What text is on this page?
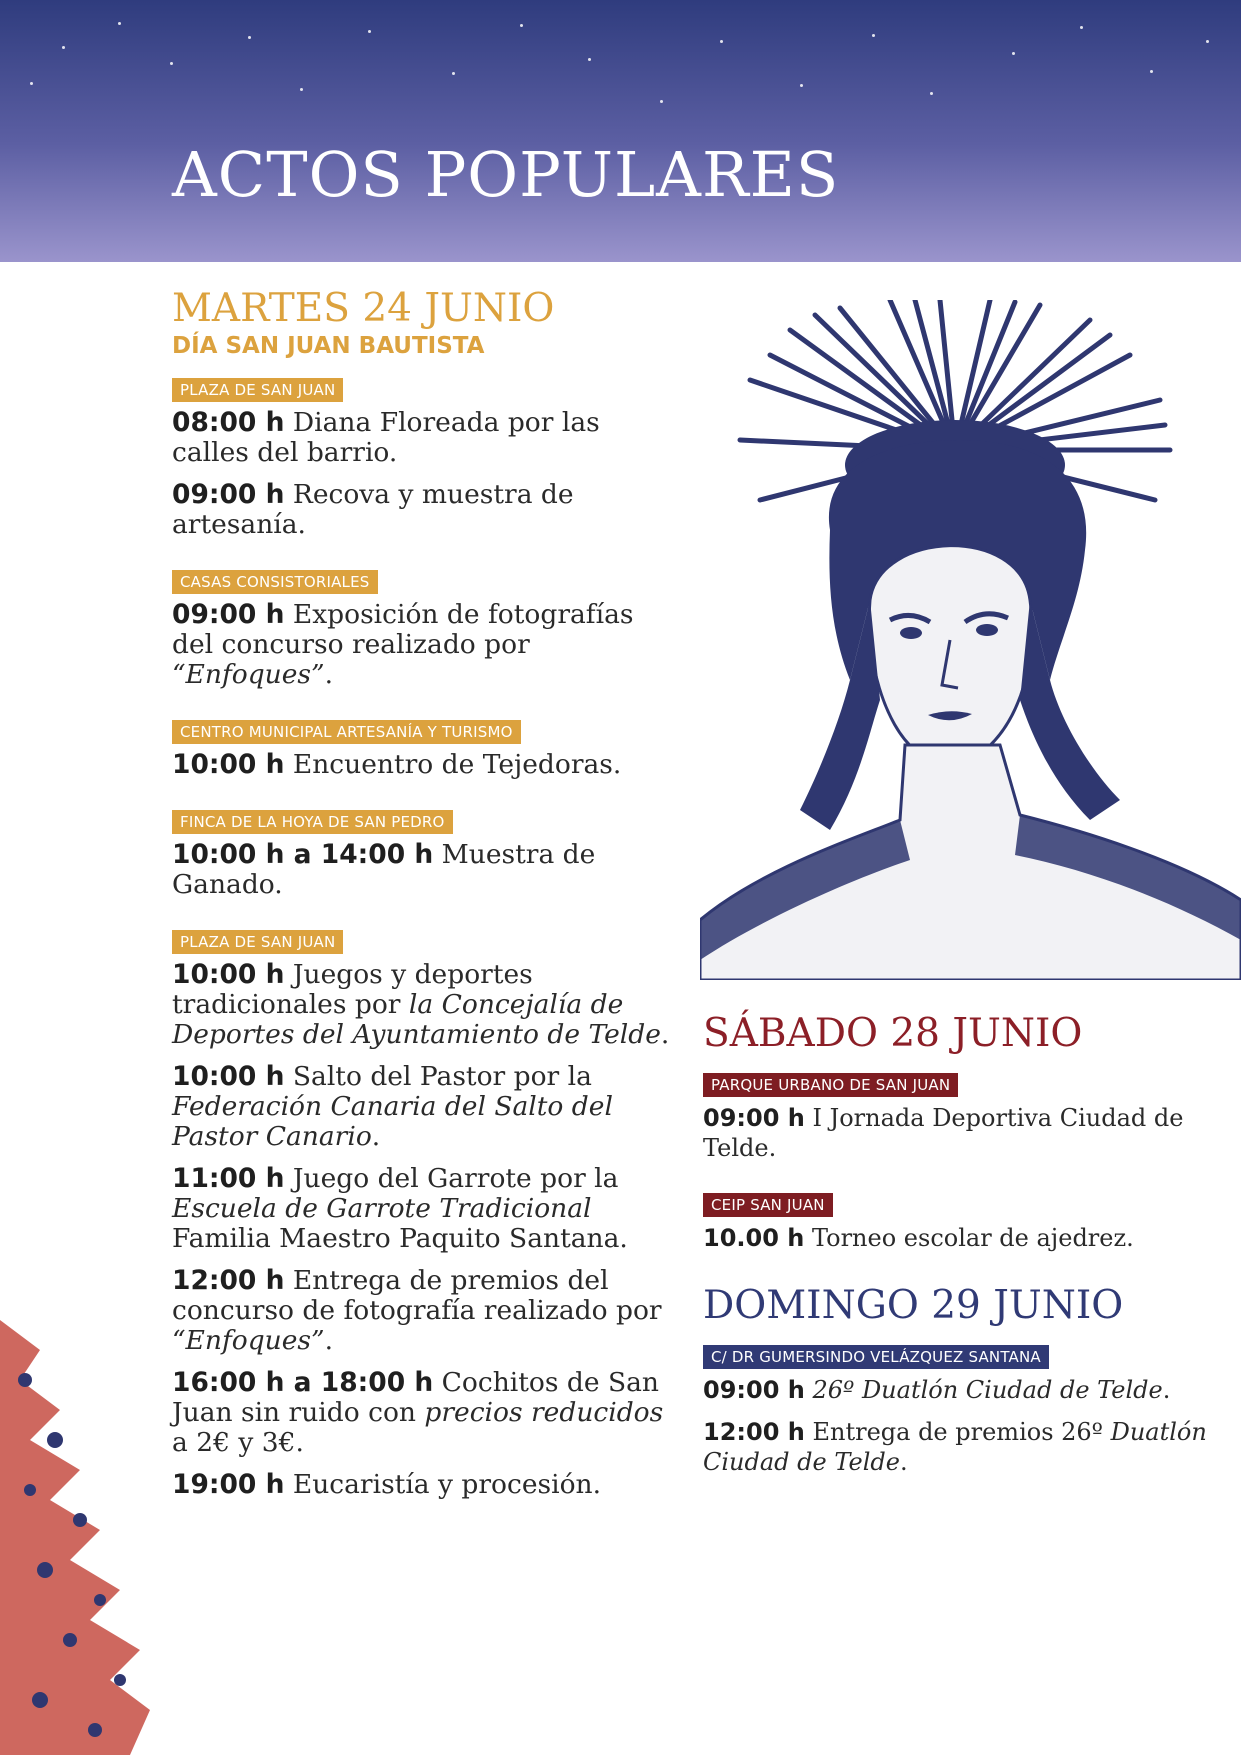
ACTOS POPULARES
MARTES 24 JUNIO
DÍA SAN JUAN BAUTISTA
PLAZA DE SAN JUAN

08:00 h Diana Floreada por las calles del barrio.

09:00 h Recova y muestra de artesanía.

CASAS CONSISTORIALES

09:00 h Exposición de fotografías del concurso realizado por “Enfoques”.

CENTRO MUNICIPAL ARTESANÍA Y TURISMO

10:00 h Encuentro de Tejedoras.

FINCA DE LA HOYA DE SAN PEDRO

10:00 h a 14:00 h Muestra de Ganado.

PLAZA DE SAN JUAN

10:00 h Juegos y deportes tradicionales por la Concejalía de Deportes del Ayuntamiento de Telde.

10:00 h Salto del Pastor por la Federación Canaria del Salto del Pastor Canario.

11:00 h Juego del Garrote por la Escuela de Garrote Tradicional Familia Maestro Paquito Santana.

12:00 h Entrega de premios del concurso de fotografía realizado por “Enfoques”.

16:00 h a 18:00 h Cochitos de San Juan sin ruido con precios reducidos a 2€ y 3€.

19:00 h Eucaristía y procesión.

SÁBADO 28 JUNIO
PARQUE URBANO DE SAN JUAN

09:00 h I Jornada Deportiva Ciudad de Telde.

CEIP SAN JUAN

10.00 h Torneo escolar de ajedrez.

DOMINGO 29 JUNIO
C/ DR GUMERSINDO VELÁZQUEZ SANTANA

09:00 h 26º Duatlón Ciudad de Telde.

12:00 h Entrega de premios 26º Duatlón Ciudad de Telde.
